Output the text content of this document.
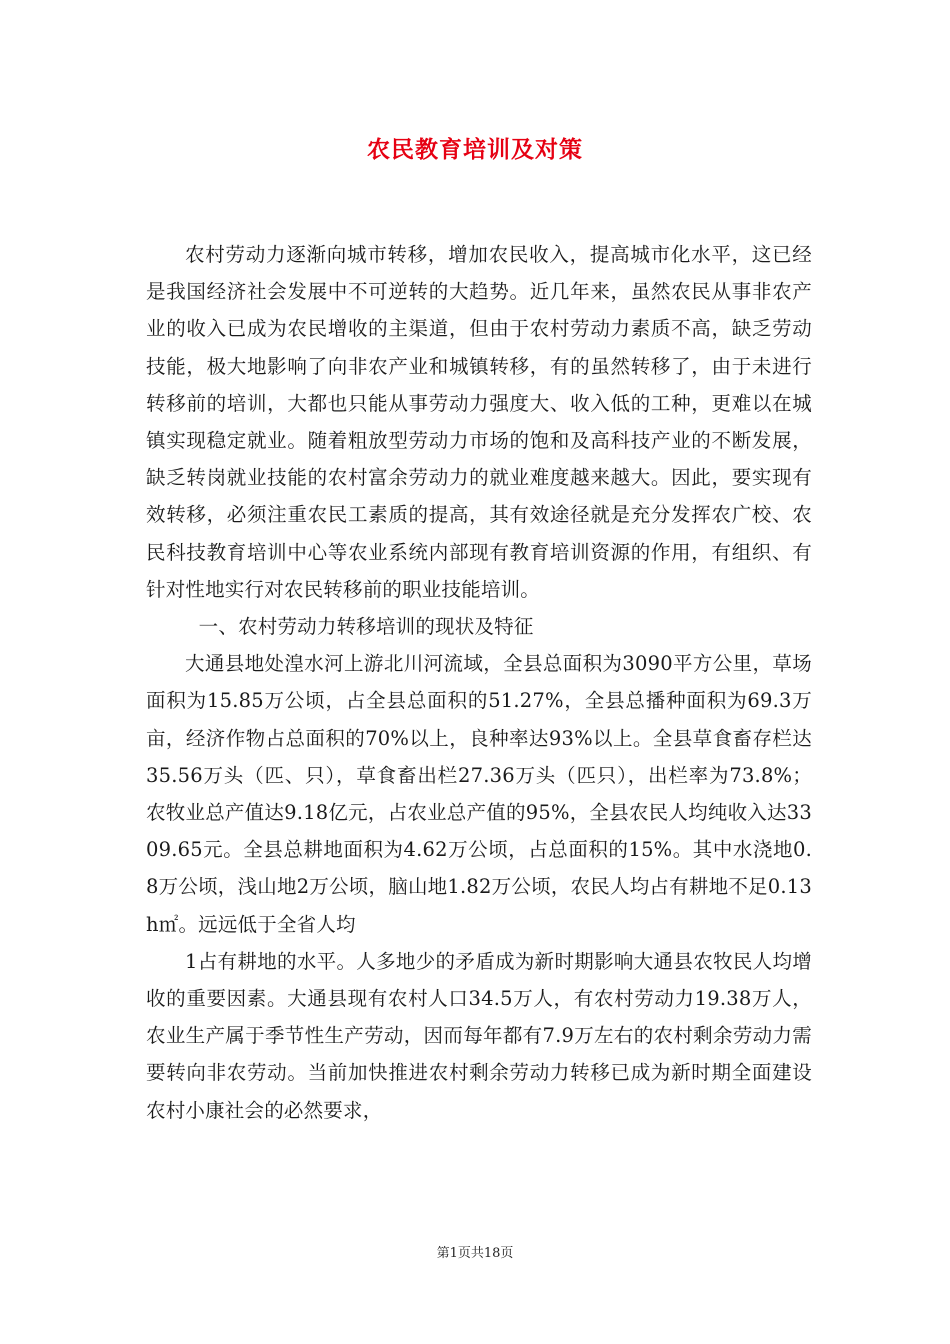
农民教育培训及对策

农村劳动力逐渐向城市转移，增加农民收入，提高城市化水平，这已经是我国经济社会发展中不可逆转的大趋势。近几年来，虽然农民从事非农产业的收入已成为农民增收的主渠道，但由于农村劳动力素质不高，缺乏劳动技能，极大地影响了向非农产业和城镇转移，有的虽然转移了，由于未进行转移前的培训，大都也只能从事劳动力强度大、收入低的工种，更难以在城镇实现稳定就业。随着粗放型劳动力市场的饱和及高科技产业的不断发展，缺乏转岗就业技能的农村富余劳动力的就业难度越来越大。因此，要实现有效转移，必须注重农民工素质的提高，其有效途径就是充分发挥农广校、农民科技教育培训中心等农业系统内部现有教育培训资源的作用，有组织、有针对性地实行对农民转移前的职业技能培训。

一、农村劳动力转移培训的现状及特征

大通县地处湟水河上游北川河流域，全县总面积为3090平方公里，草场面积为15.85万公顷，占全县总面积的51.27%，全县总播种面积为69.3万亩，经济作物占总面积的70%以上，良种率达93%以上。全县草食畜存栏达35.56万头（匹、只），草食畜出栏27.36万头（匹只），出栏率为73.8%；农牧业总产值达9.18亿元，占农业总产值的95%，全县农民人均纯收入达3309.65元。全县总耕地面积为4.62万公顷，占总面积的15%。其中水浇地0.8万公顷，浅山地2万公顷，脑山地1.82万公顷，农民人均占有耕地不足0.13h㎡。远远低于全省人均

1占有耕地的水平。人多地少的矛盾成为新时期影响大通县农牧民人均增收的重要因素。大通县现有农村人口34.5万人，有农村劳动力19.38万人，农业生产属于季节性生产劳动，因而每年都有7.9万左右的农村剩余劳动力需要转向非农劳动。当前加快推进农村剩余劳动力转移已成为新时期全面建设农村小康社会的必然要求，

第1页共18页
